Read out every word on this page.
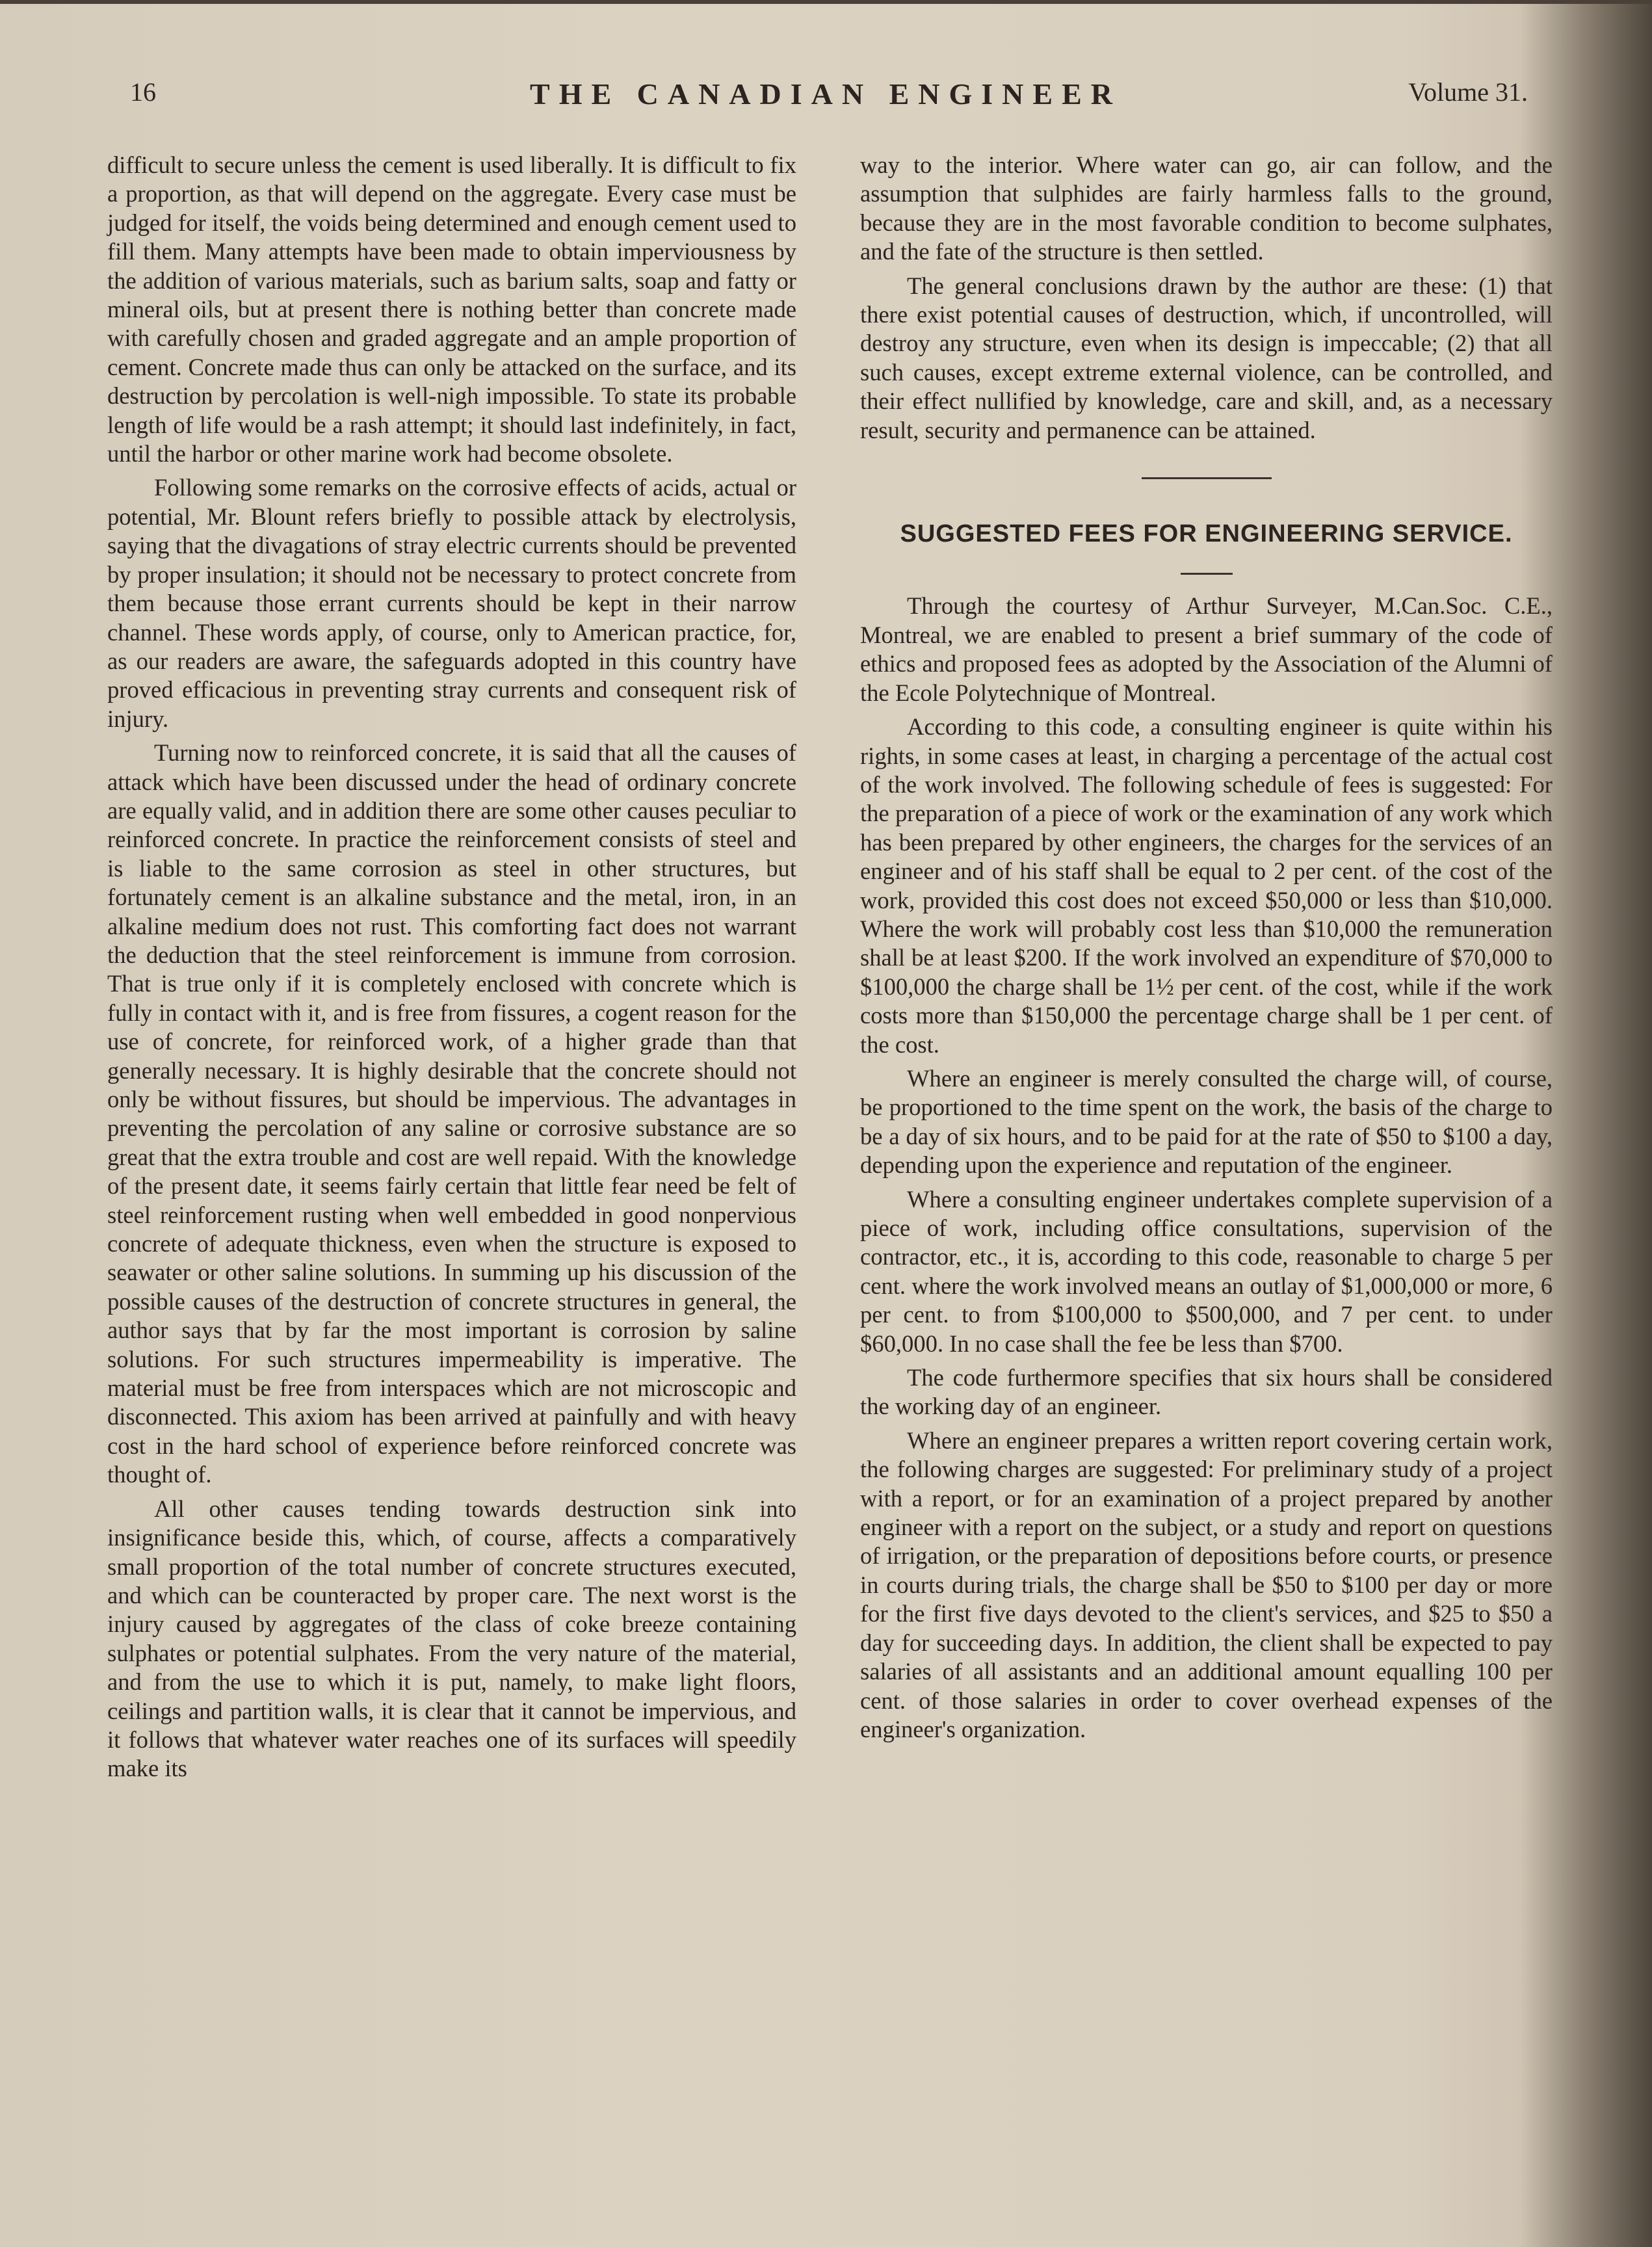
16	THE CANADIAN ENGINEER	Volume 31.

difficult to secure unless the cement is used liberally. It is difficult to fix a proportion, as that will depend on the aggregate. Every case must be judged for itself, the voids being determined and enough cement used to fill them. Many attempts have been made to obtain imperviousness by the addition of various materials, such as barium salts, soap and fatty or mineral oils, but at present there is nothing better than concrete made with carefully chosen and graded aggregate and an ample proportion of cement. Concrete made thus can only be attacked on the surface, and its destruction by percolation is well-nigh impossible. To state its probable length of life would be a rash attempt; it should last indefinitely, in fact, until the harbor or other marine work had become obsolete.

Following some remarks on the corrosive effects of acids, actual or potential, Mr. Blount refers briefly to possible attack by electrolysis, saying that the divagations of stray electric currents should be prevented by proper insulation; it should not be necessary to protect concrete from them because those errant currents should be kept in their narrow channel. These words apply, of course, only to American practice, for, as our readers are aware, the safeguards adopted in this country have proved efficacious in preventing stray currents and consequent risk of injury.

Turning now to reinforced concrete, it is said that all the causes of attack which have been discussed under the head of ordinary concrete are equally valid, and in addition there are some other causes peculiar to reinforced concrete. In practice the reinforcement consists of steel and is liable to the same corrosion as steel in other structures, but fortunately cement is an alkaline substance and the metal, iron, in an alkaline medium does not rust. This comforting fact does not warrant the deduction that the steel reinforcement is immune from corrosion. That is true only if it is completely enclosed with concrete which is fully in contact with it, and is free from fissures, a cogent reason for the use of concrete, for reinforced work, of a higher grade than that generally necessary. It is highly desirable that the concrete should not only be without fissures, but should be impervious. The advantages in preventing the percolation of any saline or corrosive substance are so great that the extra trouble and cost are well repaid. With the knowledge of the present date, it seems fairly certain that little fear need be felt of steel reinforcement rusting when well embedded in good nonpervious concrete of adequate thickness, even when the structure is exposed to seawater or other saline solutions. In summing up his discussion of the possible causes of the destruction of concrete structures in general, the author says that by far the most important is corrosion by saline solutions. For such structures impermeability is imperative. The material must be free from interspaces which are not microscopic and disconnected. This axiom has been arrived at painfully and with heavy cost in the hard school of experience before reinforced concrete was thought of.

All other causes tending towards destruction sink into insignificance beside this, which, of course, affects a comparatively small proportion of the total number of concrete structures executed, and which can be counteracted by proper care. The next worst is the injury caused by aggregates of the class of coke breeze containing sulphates or potential sulphates. From the very nature of the material, and from the use to which it is put, namely, to make light floors, ceilings and partition walls, it is clear that it cannot be impervious, and it follows that whatever water reaches one of its surfaces will speedily make its

way to the interior. Where water can go, air can follow, and the assumption that sulphides are fairly harmless falls to the ground, because they are in the most favorable condition to become sulphates, and the fate of the structure is then settled.

The general conclusions drawn by the author are these: (1) that there exist potential causes of destruction, which, if uncontrolled, will destroy any structure, even when its design is impeccable; (2) that all such causes, except extreme external violence, can be controlled, and their effect nullified by knowledge, care and skill, and, as a necessary result, security and permanence can be attained.

SUGGESTED FEES FOR ENGINEERING SERVICE.

Through the courtesy of Arthur Surveyer, M.Can.Soc. C.E., Montreal, we are enabled to present a brief summary of the code of ethics and proposed fees as adopted by the Association of the Alumni of the Ecole Polytechnique of Montreal.

According to this code, a consulting engineer is quite within his rights, in some cases at least, in charging a percentage of the actual cost of the work involved. The following schedule of fees is suggested: For the preparation of a piece of work or the examination of any work which has been prepared by other engineers, the charges for the services of an engineer and of his staff shall be equal to 2 per cent. of the cost of the work, provided this cost does not exceed $50,000 or less than $10,000. Where the work will probably cost less than $10,000 the remuneration shall be at least $200. If the work involved an expenditure of $70,000 to $100,000 the charge shall be 1½ per cent. of the cost, while if the work costs more than $150,000 the percentage charge shall be 1 per cent. of the cost.

Where an engineer is merely consulted the charge will, of course, be proportioned to the time spent on the work, the basis of the charge to be a day of six hours, and to be paid for at the rate of $50 to $100 a day, depending upon the experience and reputation of the engineer.

Where a consulting engineer undertakes complete supervision of a piece of work, including office consultations, supervision of the contractor, etc., it is, according to this code, reasonable to charge 5 per cent. where the work involved means an outlay of $1,000,000 or more, 6 per cent. to from $100,000 to $500,000, and 7 per cent. to under $60,000. In no case shall the fee be less than $700.

The code furthermore specifies that six hours shall be considered the working day of an engineer.

Where an engineer prepares a written report covering certain work, the following charges are suggested: For preliminary study of a project with a report, or for an examination of a project prepared by another engineer with a report on the subject, or a study and report on questions of irrigation, or the preparation of depositions before courts, or presence in courts during trials, the charge shall be $50 to $100 per day or more for the first five days devoted to the client's services, and $25 to $50 a day for succeeding days. In addition, the client shall be expected to pay salaries of all assistants and an additional amount equalling 100 per cent. of those salaries in order to cover overhead expenses of the engineer's organization.
